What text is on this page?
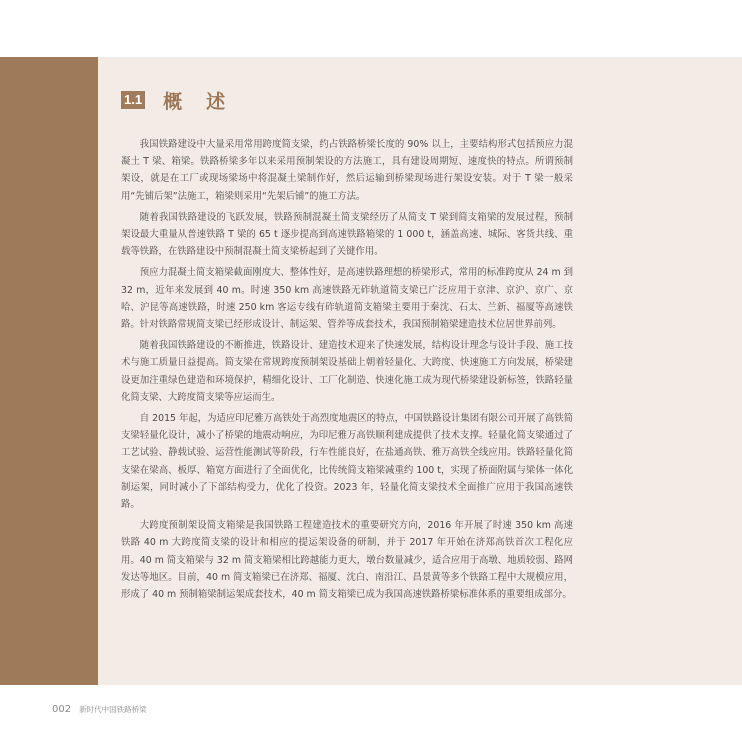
1.1 概述

我国铁路建设中大量采用常用跨度简支梁，约占铁路桥梁长度的 90% 以上，主要结构形式包括预应力混凝土 T 梁、箱梁。铁路桥梁多年以来采用预制架设的方法施工，具有建设周期短、速度快的特点。所谓预制架设，就是在工厂或现场梁场中将混凝土梁制作好，然后运输到桥梁现场进行架设安装。对于 T 梁一般采用“先铺后架”法施工，箱梁则采用“先架后铺”的施工方法。

随着我国铁路建设的飞跃发展，铁路预制混凝土简支梁经历了从简支 T 梁到简支箱梁的发展过程，预制架设最大重量从普速铁路 T 梁的 65 t 逐步提高到高速铁路箱梁的 1 000 t，涵盖高速、城际、客货共线、重载等铁路，在铁路建设中预制混凝土简支梁桥起到了关键作用。

预应力混凝土简支箱梁截面刚度大、整体性好，是高速铁路理想的桥梁形式，常用的标准跨度从 24 m 到 32 m，近年来发展到 40 m。时速 350 km 高速铁路无砟轨道简支梁已广泛应用于京津、京沪、京广、京哈、沪昆等高速铁路，时速 250 km 客运专线有砟轨道简支箱梁主要用于秦沈、石太、兰新、福厦等高速铁路。针对铁路常规简支梁已经形成设计、制运架、管养等成套技术，我国预制箱梁建造技术位居世界前列。

随着我国铁路建设的不断推进，铁路设计、建造技术迎来了快速发展，结构设计理念与设计手段、施工技术与施工质量日益提高。简支梁在常规跨度预制架设基础上朝着轻量化、大跨度、快速施工方向发展，桥梁建设更加注重绿色建造和环境保护，精细化设计、工厂化制造、快速化施工成为现代桥梁建设新标签，铁路轻量化简支梁、大跨度简支梁等应运而生。

自 2015 年起，为适应印尼雅万高铁处于高烈度地震区的特点，中国铁路设计集团有限公司开展了高铁简支梁轻量化设计，减小了桥梁的地震动响应，为印尼雅万高铁顺利建成提供了技术支撑。轻量化简支梁通过了工艺试验、静载试验、运营性能测试等阶段，行车性能良好，在盐通高铁、雅万高铁全线应用。铁路轻量化简支梁在梁高、板厚、箱宽方面进行了全面优化，比传统简支箱梁减重约 100 t，实现了桥面附属与梁体一体化制运架，同时减小了下部结构受力，优化了投资。2023 年，轻量化简支梁技术全面推广应用于我国高速铁路。

大跨度预制架设简支箱梁是我国铁路工程建造技术的重要研究方向，2016 年开展了时速 350 km 高速铁路 40 m 大跨度简支梁的设计和相应的提运架设备的研制，并于 2017 年开始在济郑高铁首次工程化应用。40 m 简支箱梁与 32 m 简支箱梁相比跨越能力更大，墩台数量减少，适合应用于高墩、地质较弱、路网发达等地区。目前，40 m 简支箱梁已在济郑、福厦、沈白、南沿江、昌景黄等多个铁路工程中大规模应用，形成了 40 m 预制箱梁制运架成套技术，40 m 简支箱梁已成为我国高速铁路桥梁标准体系的重要组成部分。

002 新时代中国铁路桥梁
